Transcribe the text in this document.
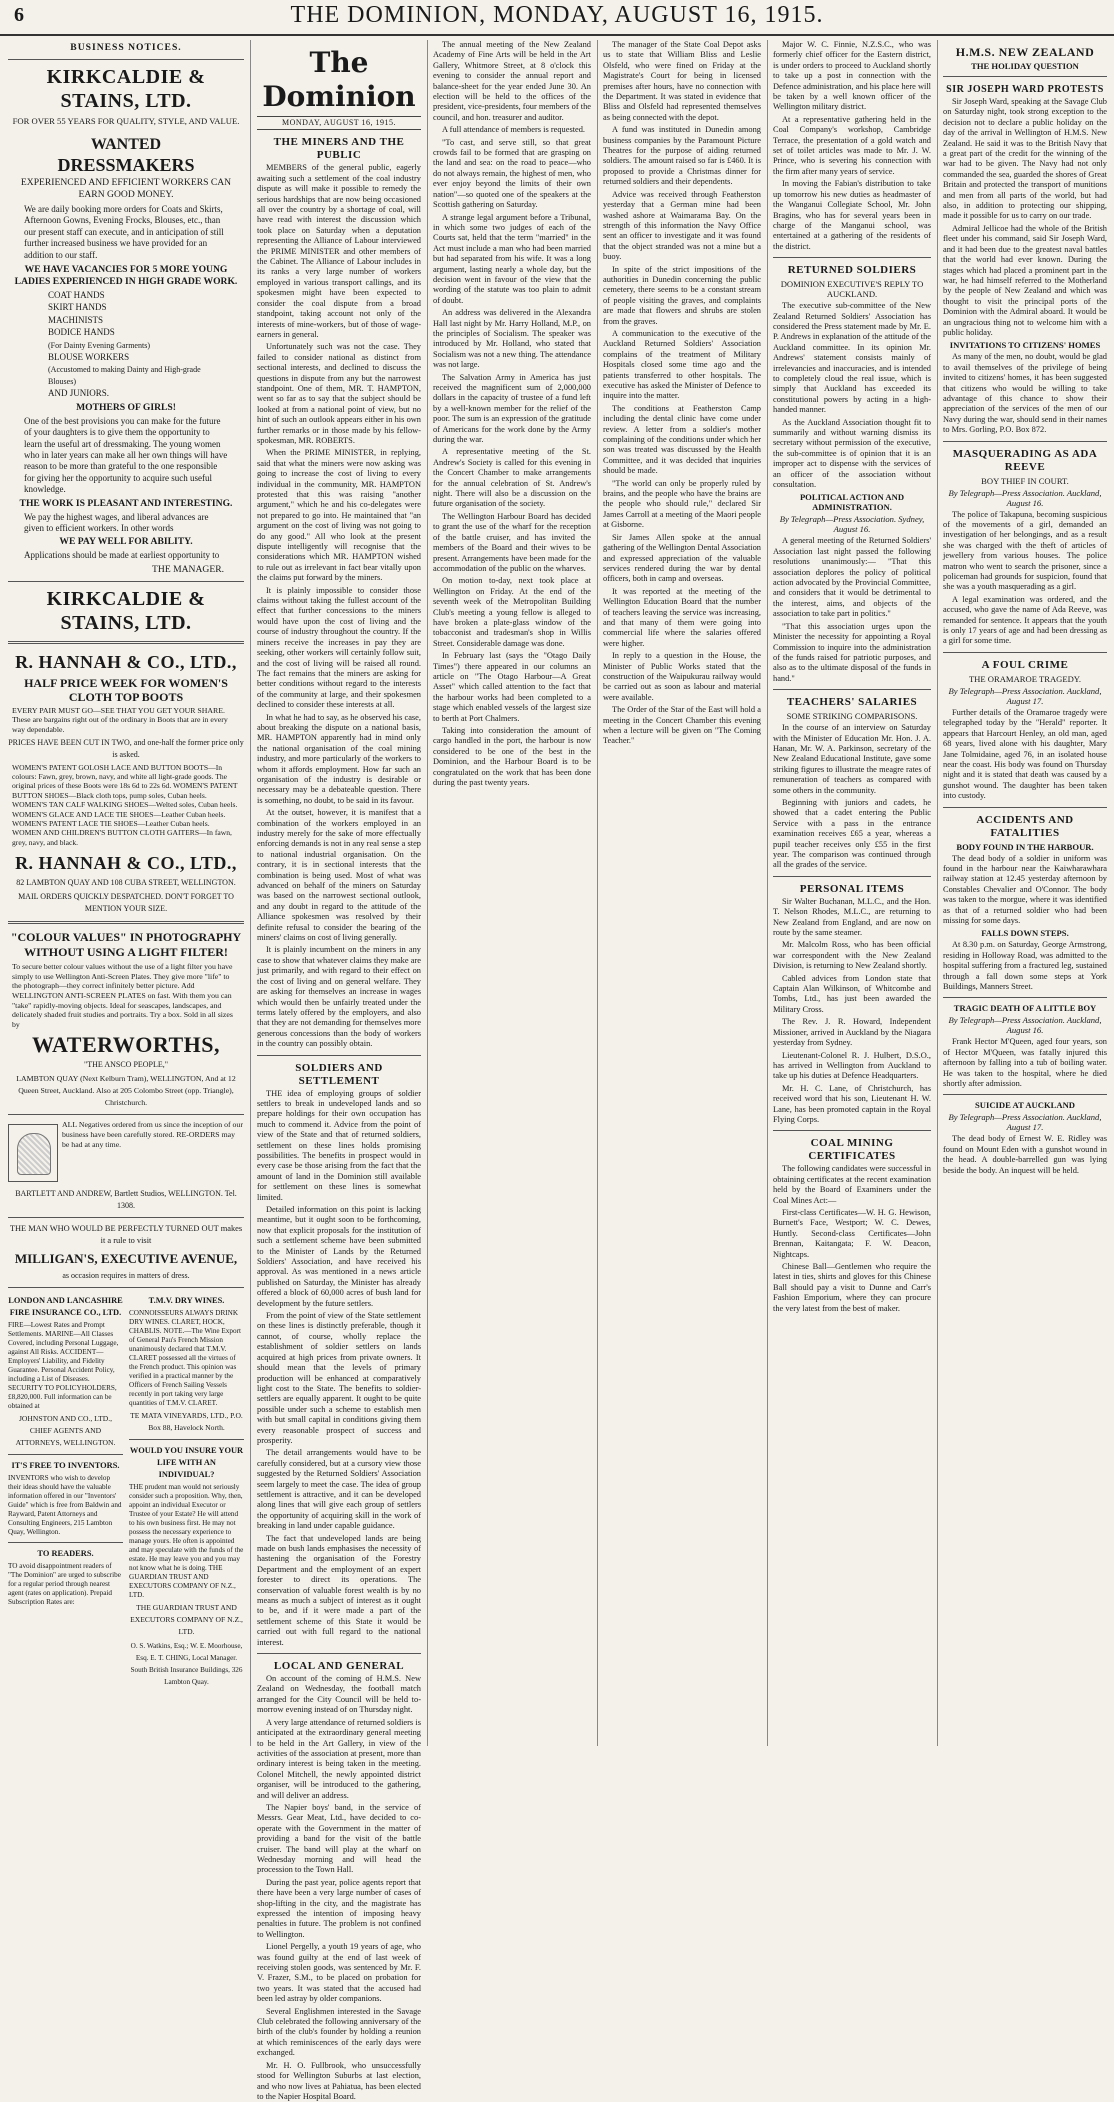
6	THE DOMINION, MONDAY, AUGUST 16, 1915.
BUSINESS NOTICES.
KIRKCALDIE & STAINS, LTD.
FOR OVER 55 YEARS FOR QUALITY, STYLE, AND VALUE.
WANTED
DRESSMAKERS
EXPERIENCED AND EFFICIENT WORKERS CAN EARN GOOD MONEY.
We are daily booking more orders for Coats and Skirts, Afternoon Gowns, Evening Frocks, Blouses, etc., than our present staff can execute, and in anticipation of still further increased business we have provided for an addition to our staff.
WE HAVE VACANCIES FOR 5 MORE YOUNG LADIES EXPERIENCED IN HIGH GRADE WORK.
COAT HANDS
SKIRT HANDS
MACHINISTS
BODICE HANDS
(For Dainty Evening Garments)
BLOUSE WORKERS
(Accustomed to making Dainty and High-grade Blouses)
AND JUNIORS.
MOTHERS OF GIRLS!
One of the best provisions you can make for the future of your daughters is to give them the opportunity to learn the useful art of dressmaking. The young women who in later years can make all her own things will have reason to be more than grateful to the one responsible for giving her the opportunity to acquire such useful knowledge.
THE WORK IS PLEASANT AND INTERESTING.
We pay the highest wages, and liberal advances are given to efficient workers. In other words
WE PAY WELL FOR ABILITY.
Applications should be made at earliest opportunity to
THE MANAGER.
KIRKCALDIE & STAINS, LTD.
R. HANNAH & CO., LTD.,
HALF PRICE WEEK FOR WOMEN'S CLOTH TOP BOOTS
EVERY PAIR MUST GO—SEE THAT YOU GET YOUR SHARE. These are bargains right out of the ordinary in Boots that are in every way dependable.
PRICES HAVE BEEN CUT IN TWO, and one-half the former price only is asked.
WOMEN'S PATENT GOLOSH LACE AND BUTTON BOOTS—In colours: Fawn, grey, brown, navy, and white all light-grade goods. The original prices of these Boots were 18s 6d to 22s 6d. WOMEN'S PATENT BUTTON SHOES—Black cloth tops, pump soles, Cuban heels. WOMEN'S TAN CALF WALKING SHOES—Welted soles, Cuban heels. WOMEN'S GLACE AND LACE TIE SHOES—Leather Cuban heels. WOMEN'S PATENT LACE TIE SHOES—Leather Cuban heels. WOMEN AND CHILDREN'S BUTTON CLOTH GAITERS—In fawn, grey, navy, and black.
R. HANNAH & CO., LTD.,
82 LAMBTON QUAY AND 108 CUBA STREET, WELLINGTON.
MAIL ORDERS QUICKLY DESPATCHED. DON'T FORGET TO MENTION YOUR SIZE.
"COLOUR VALUES" IN PHOTOGRAPHY WITHOUT USING A LIGHT FILTER!
To secure better colour values without the use of a light filter you have simply to use Wellington Anti-Screen Plates. They give more "life" to the photograph—they correct infinitely better picture. Add WELLINGTON ANTI-SCREEN PLATES on fast. With them you can "take" rapidly-moving objects. Ideal for seascapes, landscapes, and delicately shaded fruit studies and portraits. Try a box. Sold in all sizes by
WATERWORTHS,
"THE ANSCO PEOPLE,"
LAMBTON QUAY (Next Kelburn Tram), WELLINGTON, And at 12 Queen Street, Auckland. Also at 205 Colombo Street (opp. Triangle), Christchurch.
ALL Negatives ordered from us since the inception of our business have been carefully stored. RE-ORDERS may be had at any time.
BARTLETT AND ANDREW, Bartlett Studios, WELLINGTON. Tel. 1308.
THE MAN WHO WOULD BE PERFECTLY TURNED OUT makes it a rule to visit
MILLIGAN'S, EXECUTIVE AVENUE,
as occasion requires in matters of dress.
LONDON AND LANCASHIRE FIRE INSURANCE CO., LTD.
FIRE—Lowest Rates and Prompt Settlements. MARINE—All Classes Covered, including Personal Luggage, against All Risks. ACCIDENT—Employers' Liability, and Fidelity Guarantee. Personal Accident Policy, including a List of Diseases. SECURITY TO POLICYHOLDERS, £8,820,000. Full information can be obtained at
JOHNSTON AND CO., LTD., CHIEF AGENTS AND ATTORNEYS, WELLINGTON.
IT'S FREE TO INVENTORS.
INVENTORS who wish to develop their ideas should have the valuable information offered in our "Inventors' Guide" which is free from Baldwin and Rayward, Patent Attorneys and Consulting Engineers, 215 Lambton Quay, Wellington.
TO READERS.
TO avoid disappointment readers of "The Dominion" are urged to subscribe for a regular period through nearest agent (rates on application). Prepaid Subscription Rates are:
T.M.V. DRY WINES.
CONNOISSEURS ALWAYS DRINK DRY WINES. CLARET, HOCK, CHABLIS. NOTE.—The Wine Export of General Pau's French Mission unanimously declared that T.M.V. CLARET possessed all the virtues of the French product. This opinion was verified in a practical manner by the Officers of French Sailing Vessels recently in port taking very large quantities of T.M.V. CLARET.
TE MATA VINEYARDS, LTD., P.O. Box 88, Havelock North.
WOULD YOU INSURE YOUR LIFE WITH AN INDIVIDUAL?
THE prudent man would not seriously consider such a proposition. Why, then, appoint an individual Executor or Trustee of your Estate? He will attend to his own business first. He may not possess the necessary experience to manage yours. He often is appointed and may speculate with the funds of the estate. He may leave you and you may not know what he is doing. THE GUARDIAN TRUST AND EXECUTORS COMPANY OF N.Z., LTD.
THE GUARDIAN TRUST AND EXECUTORS COMPANY OF N.Z., LTD.
O. S. Watkins, Esq.; W. E. Moorhouse, Esq. E. T. CHING, Local Manager. South British Insurance Buildings, 326 Lambton Quay.
The Dominion
MONDAY, AUGUST 16, 1915.
THE MINERS AND THE PUBLIC

MEMBERS of the general public, eagerly awaiting such a settlement of the coal industry dispute as will make it possible to remedy the serious hardships that are now being occasioned all over the country by a shortage of coal, will have read with interest the discussion which took place on Saturday when a deputation representing the Alliance of Labour interviewed the PRIME MINISTER and other members of the Cabinet. The Alliance of Labour includes in its ranks a very large number of workers employed in various transport callings, and its spokesmen might have been expected to consider the coal dispute from a broad standpoint, taking account not only of the interests of mine-workers, but of those of wage-earners in general.

Unfortunately such was not the case. They failed to consider national as distinct from sectional interests, and declined to discuss the questions in dispute from any but the narrowest standpoint. One of them, MR. T. HAMPTON, went so far as to say that the subject should be looked at from a national point of view, but no hint of such an outlook appears either in his own further remarks or in those made by his fellow-spokesman, MR. ROBERTS.

When the PRIME MINISTER, in replying, said that what the miners were now asking was going to increase the cost of living to every individual in the community, MR. HAMPTON protested that this was raising "another argument," which he and his co-delegates were not prepared to go into. He maintained that "an argument on the cost of living was not going to do any good." All who look at the present dispute intelligently will recognise that the considerations which MR. HAMPTON wished to rule out as irrelevant in fact bear vitally upon the claims put forward by the miners.

It is plainly impossible to consider those claims without taking the fullest account of the effect that further concessions to the miners would have upon the cost of living and the course of industry throughout the country. If the miners receive the increases in pay they are seeking, other workers will certainly follow suit, and the cost of living will be raised all round. The fact remains that the miners are asking for better conditions without regard to the interests of the community at large, and their spokesmen declined to consider these interests at all.

In what he had to say, as he observed his case, about breaking the dispute on a national basis, MR. HAMPTON apparently had in mind only the national organisation of the coal mining industry, and more particularly of the workers to whom it affords employment. How far such an organisation of the industry is desirable or necessary may be a debateable question. There is something, no doubt, to be said in its favour.

At the outset, however, it is manifest that a combination of the workers employed in an industry merely for the sake of more effectually enforcing demands is not in any real sense a step to national industrial organisation. On the contrary, it is in sectional interests that the combination is being used. Most of what was advanced on behalf of the miners on Saturday was based on the narrowest sectional outlook, and any doubt in regard to the attitude of the Alliance spokesmen was resolved by their definite refusal to consider the bearing of the miners' claims on cost of living generally.

It is plainly incumbent on the miners in any case to show that whatever claims they make are just primarily, and with regard to their effect on the cost of living and on general welfare. They are asking for themselves an increase in wages which would then be unfairly treated under the terms lately offered by the employers, and also that they are not demanding for themselves more generous concessions than the body of workers in the country can possibly obtain.

SOLDIERS AND SETTLEMENT

THE idea of employing groups of soldier settlers to break in undeveloped lands and so prepare holdings for their own occupation has much to commend it. Advice from the point of view of the State and that of returned soldiers, settlement on these lines holds promising possibilities. The benefits in prospect would in every case be those arising from the fact that the amount of land in the Dominion still available for settlement on these lines is somewhat limited.

Detailed information on this point is lacking meantime, but it ought soon to be forthcoming, now that explicit proposals for the institution of such a settlement scheme have been submitted to the Minister of Lands by the Returned Soldiers' Association, and have received his approval. As was mentioned in a news article published on Saturday, the Minister has already offered a block of 60,000 acres of bush land for development by the future settlers.

From the point of view of the State settlement on these lines is distinctly preferable, though it cannot, of course, wholly replace the establishment of soldier settlers on lands acquired at high prices from private owners. It should mean that the levels of primary production will be enhanced at comparatively light cost to the State. The benefits to soldier-settlers are equally apparent. It ought to be quite possible under such a scheme to establish men with but small capital in conditions giving them every reasonable prospect of success and prosperity.

The detail arrangements would have to be carefully considered, but at a cursory view those suggested by the Returned Soldiers' Association seem largely to meet the case. The idea of group settlement is attractive, and it can be developed along lines that will give each group of settlers the opportunity of acquiring skill in the work of breaking in land under capable guidance.

The fact that undeveloped lands are being made on bush lands emphasises the necessity of hastening the organisation of the Forestry Department and the employment of an expert forester to direct its operations. The conservation of valuable forest wealth is by no means as much a subject of interest as it ought to be, and if it were made a part of the settlement scheme of this State it would be carried out with full regard to the national interest.

LOCAL AND GENERAL

On account of the coming of H.M.S. New Zealand on Wednesday, the football match arranged for the City Council will be held to-morrow evening instead of on Thursday night.

A very large attendance of returned soldiers is anticipated at the extraordinary general meeting to be held in the Art Gallery, in view of the activities of the association at present, more than ordinary interest is being taken in the meeting. Colonel Mitchell, the newly appointed district organiser, will be introduced to the gathering, and will deliver an address.

The Napier boys' band, in the service of Messrs. Gear Meat, Ltd., have decided to co-operate with the Government in the matter of providing a band for the visit of the battle cruiser. The band will play at the wharf on Wednesday morning and will head the procession to the Town Hall.

During the past year, police agents report that there have been a very large number of cases of shop-lifting in the city, and the magistrate has expressed the intention of imposing heavy penalties in future. The problem is not confined to Wellington.

Lionel Pergelly, a youth 19 years of age, who was found guilty at the end of last week of receiving stolen goods, was sentenced by Mr. F. V. Frazer, S.M., to be placed on probation for two years. It was stated that the accused had been led astray by older companions.

Several Englishmen interested in the Savage Club celebrated the following anniversary of the birth of the club's founder by holding a reunion at which reminiscences of the early days were exchanged.

Mr. H. O. Fullbrook, who unsuccessfully stood for Wellington Suburbs at last election, and who now lives at Pahiatua, has been elected to the Napier Hospital Board.

The annual meeting of the New Zealand Academy of Fine Arts will be held in the Art Gallery, Whitmore Street, at 8 o'clock this evening to consider the annual report and balance-sheet for the year ended June 30. An election will be held to the offices of the president, vice-presidents, four members of the council, and hon. treasurer and auditor.

A full attendance of members is requested.

"To cast, and serve still, so that great crowds fail to be formed that are grasping on the land and sea: on the road to peace—who do not always remain, the highest of men, who ever enjoy beyond the limits of their own nation"—so quoted one of the speakers at the Scottish gathering on Saturday.

A strange legal argument before a Tribunal, in which some two judges of each of the Courts sat, held that the term "married" in the Act must include a man who had been married but had separated from his wife. It was a long argument, lasting nearly a whole day, but the decision went in favour of the view that the wording of the statute was too plain to admit of doubt.

An address was delivered in the Alexandra Hall last night by Mr. Harry Holland, M.P., on the principles of Socialism. The speaker was introduced by Mr. Holland, who stated that Socialism was not a new thing. The attendance was not large.

The Salvation Army in America has just received the magnificent sum of 2,000,000 dollars in the capacity of trustee of a fund left by a well-known member for the relief of the poor. The sum is an expression of the gratitude of Americans for the work done by the Army during the war.

A representative meeting of the St. Andrew's Society is called for this evening in the Concert Chamber to make arrangements for the annual celebration of St. Andrew's night. There will also be a discussion on the future organisation of the society.

The Wellington Harbour Board has decided to grant the use of the wharf for the reception of the battle cruiser, and has invited the members of the Board and their wives to be present. Arrangements have been made for the accommodation of the public on the wharves.

On motion to-day, next took place at Wellington on Friday. At the end of the seventh week of the Metropolitan Building Club's meeting a young fellow is alleged to have broken a plate-glass window of the tobacconist and tradesman's shop in Willis Street. Considerable damage was done.

In February last (says the "Otago Daily Times") there appeared in our columns an article on "The Otago Harbour—A Great Asset" which called attention to the fact that the harbour works had been completed to a stage which enabled vessels of the largest size to berth at Port Chalmers.

Taking into consideration the amount of cargo handled in the port, the harbour is now considered to be one of the best in the Dominion, and the Harbour Board is to be congratulated on the work that has been done during the past twenty years.

The manager of the State Coal Depot asks us to state that William Bliss and Leslie Olsfeld, who were fined on Friday at the Magistrate's Court for being in licensed premises after hours, have no connection with the Department. It was stated in evidence that Bliss and Olsfeld had represented themselves as being connected with the depot.

A fund was instituted in Dunedin among business companies by the Paramount Picture Theatres for the purpose of aiding returned soldiers. The amount raised so far is £460. It is proposed to provide a Christmas dinner for returned soldiers and their dependents.

Advice was received through Featherston yesterday that a German mine had been washed ashore at Waimarama Bay. On the strength of this information the Navy Office sent an officer to investigate and it was found that the object stranded was not a mine but a buoy.

In spite of the strict impositions of the authorities in Dunedin concerning the public cemetery, there seems to be a constant stream of people visiting the graves, and complaints are made that flowers and shrubs are stolen from the graves.

A communication to the executive of the Auckland Returned Soldiers' Association complains of the treatment of Military Hospitals closed some time ago and the patients transferred to other hospitals. The executive has asked the Minister of Defence to inquire into the matter.

The conditions at Featherston Camp including the dental clinic have come under review. A letter from a soldier's mother complaining of the conditions under which her son was treated was discussed by the Health Committee, and it was decided that inquiries should be made.

"The world can only be properly ruled by brains, and the people who have the brains are the people who should rule," declared Sir James Carroll at a meeting of the Maori people at Gisborne.

Sir James Allen spoke at the annual gathering of the Wellington Dental Association and expressed appreciation of the valuable services rendered during the war by dental officers, both in camp and overseas.

It was reported at the meeting of the Wellington Education Board that the number of teachers leaving the service was increasing, and that many of them were going into commercial life where the salaries offered were higher.

In reply to a question in the House, the Minister of Public Works stated that the construction of the Waipukurau railway would be carried out as soon as labour and material were available.

The Order of the Star of the East will hold a meeting in the Concert Chamber this evening when a lecture will be given on "The Coming Teacher."

Major W. C. Finnie, N.Z.S.C., who was formerly chief officer for the Eastern district, is under orders to proceed to Auckland shortly to take up a post in connection with the Defence administration, and his place here will be taken by a well known officer of the Wellington military district.

At a representative gathering held in the Coal Company's workshop, Cambridge Terrace, the presentation of a gold watch and set of toilet articles was made to Mr. J. W. Prince, who is severing his connection with the firm after many years of service.

In moving the Fabian's distribution to take up tomorrow his new duties as headmaster of the Wanganui Collegiate School, Mr. John Bragins, who has for several years been in charge of the Manganui school, was entertained at a gathering of the residents of the district.

RETURNED SOLDIERS
DOMINION EXECUTIVE'S REPLY TO AUCKLAND.

The executive sub-committee of the New Zealand Returned Soldiers' Association has considered the Press statement made by Mr. E. P. Andrews in explanation of the attitude of the Auckland committee. In its opinion Mr. Andrews' statement consists mainly of irrelevancies and inaccuracies, and is intended to completely cloud the real issue, which is simply that Auckland has exceeded its constitutional powers by acting in a high-handed manner.

As the Auckland Association thought fit to summarily and without warning dismiss its secretary without permission of the executive, the sub-committee is of opinion that it is an improper act to dispense with the services of an officer of the association without consultation.

POLITICAL ACTION AND ADMINISTRATION.
By Telegraph—Press Association. Sydney, August 16.

A general meeting of the Returned Soldiers' Association last night passed the following resolutions unanimously:— "That this association deplores the policy of political action advocated by the Provincial Committee, and considers that it would be detrimental to the interest, aims, and objects of the association to take part in politics."

"That this association urges upon the Minister the necessity for appointing a Royal Commission to inquire into the administration of the funds raised for patriotic purposes, and also as to the ultimate disposal of the funds in hand."

TEACHERS' SALARIES
SOME STRIKING COMPARISONS.

In the course of an interview on Saturday with the Minister of Education Mr. Hon. J. A. Hanan, Mr. W. A. Parkinson, secretary of the New Zealand Educational Institute, gave some striking figures to illustrate the meagre rates of remuneration of teachers as compared with some others in the community.

Beginning with juniors and cadets, he showed that a cadet entering the Public Service with a pass in the entrance examination receives £65 a year, whereas a pupil teacher receives only £55 in the first year. The comparison was continued through all the grades of the service.

PERSONAL ITEMS

Sir Walter Buchanan, M.L.C., and the Hon. T. Nelson Rhodes, M.L.C., are returning to New Zealand from England, and are now on route by the same steamer.

Mr. Malcolm Ross, who has been official war correspondent with the New Zealand Division, is returning to New Zealand shortly.

Cabled advices from London state that Captain Alan Wilkinson, of Whitcombe and Tombs, Ltd., has just been awarded the Military Cross.

The Rev. J. R. Howard, Independent Missioner, arrived in Auckland by the Niagara yesterday from Sydney.

Lieutenant-Colonel R. J. Hulbert, D.S.O., has arrived in Wellington from Auckland to take up his duties at Defence Headquarters.

Mr. H. C. Lane, of Christchurch, has received word that his son, Lieutenant H. W. Lane, has been promoted captain in the Royal Flying Corps.

COAL MINING CERTIFICATES

The following candidates were successful in obtaining certificates at the recent examination held by the Board of Examiners under the Coal Mines Act:—

First-class Certificates—W. H. G. Hewison, Burnett's Face, Westport; W. C. Dewes, Huntly. Second-class Certificates—John Brennan, Kaitangata; F. W. Deacon, Nightcaps.

Chinese Ball—Gentlemen who require the latest in ties, shirts and gloves for this Chinese Ball should pay a visit to Dunne and Carr's Fashion Emporium, where they can procure the very latest from the best of maker.

H.M.S. NEW ZEALAND
THE HOLIDAY QUESTION
SIR JOSEPH WARD PROTESTS

Sir Joseph Ward, speaking at the Savage Club on Saturday night, took strong exception to the decision not to declare a public holiday on the day of the arrival in Wellington of H.M.S. New Zealand. He said it was to the British Navy that a great part of the credit for the winning of the war had to be given. The Navy had not only commanded the sea, guarded the shores of Great Britain and protected the transport of munitions and men from all parts of the world, but had also, in addition to protecting our shipping, made it possible for us to carry on our trade.

Admiral Jellicoe had the whole of the British fleet under his command, said Sir Joseph Ward, and it had been due to the greatest naval battles that the world had ever known. During the stages which had placed a prominent part in the war, he had himself referred to the Motherland by the people of New Zealand and which was thought to visit the principal ports of the Dominion with the Admiral aboard. It would be an ungracious thing not to welcome him with a public holiday.

INVITATIONS TO CITIZENS' HOMES

As many of the men, no doubt, would be glad to avail themselves of the privilege of being invited to citizens' homes, it has been suggested that citizens who would be willing to take advantage of this chance to show their appreciation of the services of the men of our Navy during the war, should send in their names to Mrs. Gorling, P.O. Box 872.

MASQUERADING AS ADA REEVE
BOY THIEF IN COURT.
By Telegraph—Press Association. Auckland, August 16.

The police of Takapuna, becoming suspicious of the movements of a girl, demanded an investigation of her belongings, and as a result she was charged with the theft of articles of jewellery from various houses. The police matron who went to search the prisoner, since a policeman had grounds for suspicion, found that she was a youth masquerading as a girl.

A legal examination was ordered, and the accused, who gave the name of Ada Reeve, was remanded for sentence. It appears that the youth is only 17 years of age and had been dressing as a girl for some time.

A FOUL CRIME
THE ORAMAROE TRAGEDY.
By Telegraph—Press Association. Auckland, August 17.

Further details of the Oramaroe tragedy were telegraphed today by the "Herald" reporter. It appears that Harcourt Henley, an old man, aged 68 years, lived alone with his daughter, Mary Jane Tolmidaine, aged 76, in an isolated house near the coast. His body was found on Thursday night and it is stated that death was caused by a gunshot wound. The daughter has been taken into custody.

ACCIDENTS AND FATALITIES
BODY FOUND IN THE HARBOUR.

The dead body of a soldier in uniform was found in the harbour near the Kaiwharawhara railway station at 12.45 yesterday afternoon by Constables Chevalier and O'Connor. The body was taken to the morgue, where it was identified as that of a returned soldier who had been missing for some days.

FALLS DOWN STEPS.

At 8.30 p.m. on Saturday, George Armstrong, residing in Holloway Road, was admitted to the hospital suffering from a fractured leg, sustained through a fall down some steps at York Buildings, Manners Street.

TRAGIC DEATH OF A LITTLE BOY
By Telegraph—Press Association. Auckland, August 16.

Frank Hector M'Queen, aged four years, son of Hector M'Queen, was fatally injured this afternoon by falling into a tub of boiling water. He was taken to the hospital, where he died shortly after admission.

SUICIDE AT AUCKLAND
By Telegraph—Press Association. Auckland, August 17.

The dead body of Ernest W. E. Ridley was found on Mount Eden with a gunshot wound in the head. A double-barrelled gun was lying beside the body. An inquest will be held.
